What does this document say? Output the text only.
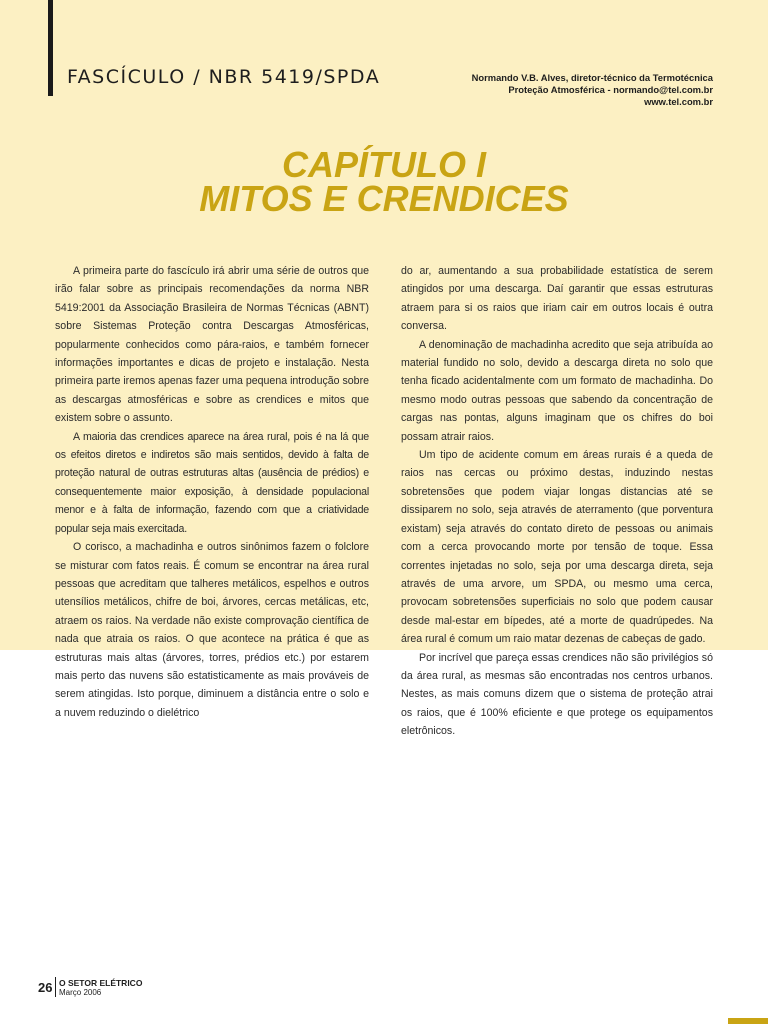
FASCÍCULO / NBR 5419/SPDA	Normando V.B. Alves, diretor-técnico da Termotécnica
Proteção Atmosférica - normando@tel.com.br
www.tel.com.br
CAPÍTULO I
MITOS E CRENDICES

A primeira parte do fascículo irá abrir uma série de outros que irão falar sobre as principais recomendações da norma NBR 5419:2001 da Associação Brasileira de Normas Técnicas (ABNT) sobre Sistemas Proteção contra Descargas Atmosféricas, popularmente conhecidos como pára-raios, e também fornecer informações importantes e dicas de projeto e instalação. Nesta primeira parte iremos apenas fazer uma pequena introdução sobre as descargas atmosféricas e sobre as crendices e mitos que existem sobre o assunto.

A maioria das crendices aparece na área rural, pois é na lá que os efeitos diretos e indiretos são mais sentidos, devido à falta de proteção natural de outras estruturas altas (ausência de prédios) e consequentemente maior exposição, à densidade populacional menor e à falta de informação, fazendo com que a criatividade popular seja mais exercitada.

O corisco, a machadinha e outros sinônimos fazem o folclore se misturar com fatos reais. É comum se encontrar na área rural pessoas que acreditam que talheres metálicos, espelhos e outros utensílios metálicos, chifre de boi, árvores, cercas metálicas, etc, atraem os raios. Na verdade não existe comprovação científica de nada que atraia os raios. O que acontece na prática é que as estruturas mais altas (árvores, torres, prédios etc.) por estarem mais perto das nuvens são estatisticamente as mais prováveis de serem atingidas. Isto porque, diminuem a distância entre o solo e a nuvem reduzindo o dielétrico

do ar, aumentando a sua probabilidade estatística de serem atingidos por uma descarga. Daí garantir que essas estruturas atraem para si os raios que iriam cair em outros locais é outra conversa.

A denominação de machadinha acredito que seja atribuída ao material fundido no solo, devido a descarga direta no solo que tenha ficado acidentalmente com um formato de machadinha. Do mesmo modo outras pessoas que sabendo da concentração de cargas nas pontas, alguns imaginam que os chifres do boi possam atrair raios.

Um tipo de acidente comum em áreas rurais é a queda de raios nas cercas ou próximo destas, induzindo nestas sobretensões que podem viajar longas distancias até se dissiparem no solo, seja através de aterramento (que porventura existam) seja através do contato direto de pessoas ou animais com a cerca provocando morte por tensão de toque. Essa correntes injetadas no solo, seja por uma descarga direta, seja através de uma arvore, um SPDA, ou mesmo uma cerca, provocam sobretensões superficiais no solo que podem causar desde mal-estar em bípedes, até a morte de quadrúpedes. Na área rural é comum um raio matar dezenas de cabeças de gado.

Por incrível que pareça essas crendices não são privilégios só da área rural, as mesmas são encontradas nos centros urbanos. Nestes, as mais comuns dizem que o sistema de proteção atrai os raios, que é 100% eficiente e que protege os equipamentos eletrônicos.

26 O SETOR ELÉTRICO
Março 2006
